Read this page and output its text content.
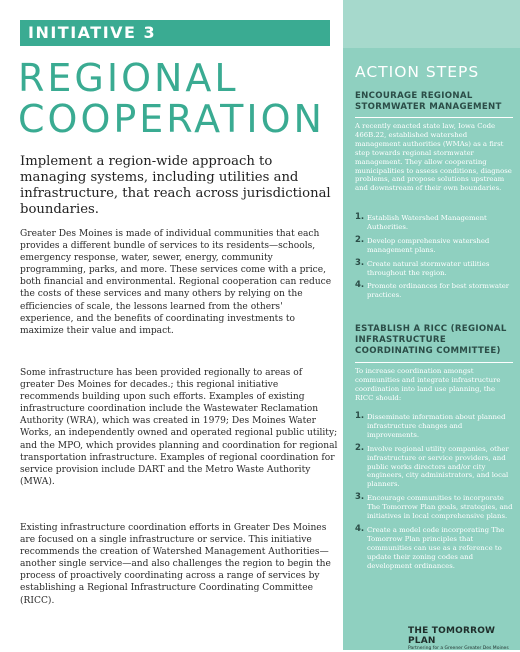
INITIATIVE 3
REGIONAL
COOPERATION
Implement a region-wide approach to managing systems, including utilities and infrastructure, that reach across jurisdictional boundaries.
Greater Des Moines is made of individual communities that each provides a different bundle of services to its residents—schools, emergency response, water, sewer, energy, community programming, parks, and more. These services come with a price, both financial and environmental. Regional cooperation can reduce the costs of these services and many others by relying on the efficiencies of scale, the lessons learned from the others' experience, and the benefits of coordinating investments to maximize their value and impact.
Some infrastructure has been provided regionally to areas of greater Des Moines for decades.; this regional initiative recommends building upon such efforts. Examples of existing infrastructure coordination include the Wastewater Reclamation Authority (WRA), which was created in 1979; Des Moines Water Works, an independently owned and operated regional public utility; and the MPO, which provides planning and coordination for regional transportation infrastructure. Examples of regional coordination for service provision include DART and the Metro Waste Authority (MWA).
Existing infrastructure coordination efforts in Greater Des Moines are focused on a single infrastructure or service. This initiative recommends the creation of Watershed Management Authorities—another single service—and also challenges the region to begin the process of proactively coordinating across a range of services by establishing a Regional Infrastructure Coordinating Committee (RICC).
ACTION STEPS
ENCOURAGE REGIONAL STORMWATER MANAGEMENT
A recently enacted state law, Iowa Code 466B.22, established watershed management authorities (WMAs) as a first step towards regional stormwater management. They allow cooperating municipalities to assess conditions, diagnose problems, and propose solutions upstream and downstream of their own boundaries.
1. Establish Watershed Management Authorities.
2. Develop comprehensive watershed management plans.
3. Create natural stormwater utilities throughout the region.
4. Promote ordinances for best stormwater practices.
ESTABLISH A RICC (REGIONAL INFRASTRUCTURE COORDINATING COMMITTEE)
To increase coordination amongst communities and integrate infrastructure coordination into land use planning, the RICC should:
1. Disseminate information about planned infrastructure changes and improvements.
2. Involve regional utility companies, other infrastructure or service providers, and public works directors and/or city engineers, city administrators, and local planners.
3. Encourage communities to incorporate The Tomorrow Plan goals, strategies, and initiatives in local comprehensive plans.
4. Create a model code incorporating The Tomorrow Plan principles that communities can use as a reference to update their zoning codes and development ordinances.
THE TOMORROW PLAN
Partnering for a Greener Greater Des Moines
